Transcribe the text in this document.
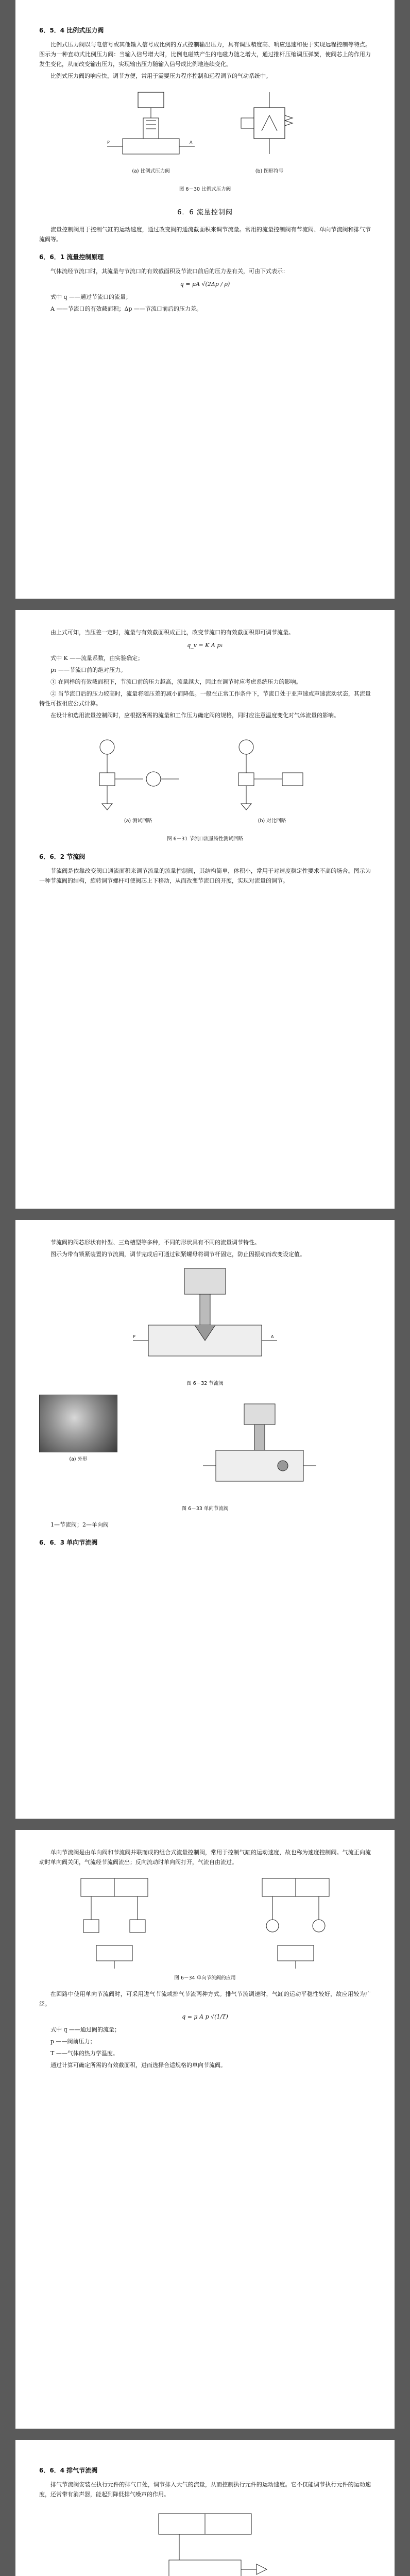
6．5．4 比例式压力阀

比例式压力阀以与电信号或其他输入信号成比例的方式控制输出压力，具有调压精度高、响应迅速和便于实现远程控制等特点。图示为一种直动式比例压力阀：当输入信号增大时，比例电磁铁产生的电磁力随之增大，通过推杆压缩调压弹簧，使阀芯上的作用力发生变化，从而改变输出压力，实现输出压力随输入信号成比例地连续变化。

比例式压力阀的响应快，调节方便，常用于需要压力程序控制和远程调节的气动系统中。

P	A
(a) 比例式压力阀	(b) 图形符号
图 6－30 比例式压力阀
6．6 流量控制阀

流量控制阀用于控制气缸的运动速度，通过改变阀的通流截面积来调节流量。常用的流量控制阀有节流阀、单向节流阀和排气节流阀等。

6．6．1 流量控制原理

气体流经节流口时，其流量与节流口的有效截面积及节流口前后的压力差有关，可由下式表示：

q = μA √(2Δp / ρ)

式中 q ——通过节流口的流量；

A ——节流口的有效截面积；Δp ——节流口前后的压力差。

由上式可知，当压差一定时，流量与有效截面积成正比，改变节流口的有效截面积即可调节流量。

q_v = K A p₁

式中 K ——流量系数，由实验确定；

p₁ ——节流口前的绝对压力。

① 在同样的有效截面积下，节流口前的压力越高，流量越大，因此在调节时应考虑系统压力的影响。

② 当节流口后的压力较高时，流量将随压差的减小而降低。一般在正常工作条件下，节流口处于亚声速或声速流动状态，其流量特性可按相应公式计算。

在设计和选用流量控制阀时，应根据所需的流量和工作压力确定阀的规格，同时应注意温度变化对气体流量的影响。

(a) 测试回路	(b) 对比回路
图 6－31 节流口流量特性测试回路
6．6．2 节流阀

节流阀是依靠改变阀口通流面积来调节流量的流量控制阀，其结构简单，体积小，常用于对速度稳定性要求不高的场合。图示为一种节流阀的结构，旋转调节螺杆可使阀芯上下移动，从而改变节流口的开度，实现对流量的调节。

节流阀的阀芯形状有针型、三角槽型等多种，不同的形状具有不同的流量调节特性。

图示为带有锁紧装置的节流阀，调节完成后可通过锁紧螺母将调节杆固定，防止因振动而改变设定值。

P	A
图 6－32 节流阀
(a) 外形
图 6－33 单向节流阀

1—节流阀；2—单向阀

6．6．3 单向节流阀

单向节流阀是由单向阀和节流阀并联而成的组合式流量控制阀，常用于控制气缸的运动速度，故也称为速度控制阀。气流正向流动时单向阀关闭，气流经节流阀流出；反向流动时单向阀打开，气流自由流过。

图 6－34 单向节流阀的应用

在回路中使用单向节流阀时，可采用进气节流或排气节流两种方式。排气节流调速时，气缸的运动平稳性较好，故应用较为广泛。

q = μ A p √(1/T)

式中 q ——通过阀的流量；

p ——阀前压力；

T ——气体的热力学温度。

通过计算可确定所需的有效截面积，进而选择合适规格的单向节流阀。

6．6．4 排气节流阀

排气节流阀安装在执行元件的排气口处，调节排入大气的流量，从而控制执行元件的运动速度。它不仅能调节执行元件的运动速度，还常带有消声器，能起到降低排气噪声的作用。
